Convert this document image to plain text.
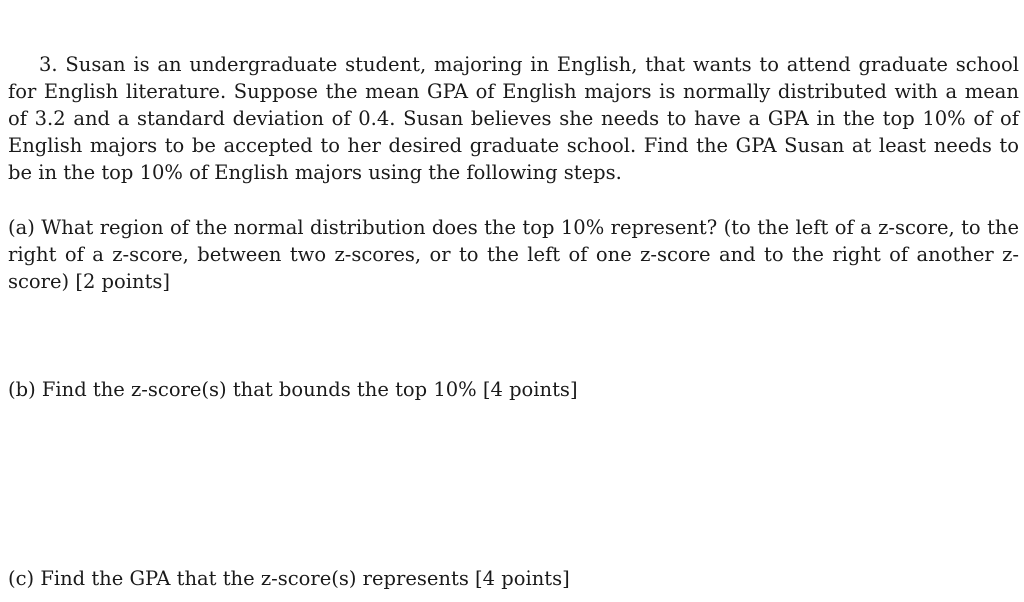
3. Susan is an undergraduate student, majoring in English, that wants to attend graduate school for English literature. Suppose the mean GPA of English majors is normally distributed with a mean of 3.2 and a standard deviation of 0.4. Susan believes she needs to have a GPA in the top 10% of of English majors to be accepted to her desired graduate school. Find the GPA Susan at least needs to be in the top 10% of English majors using the following steps.

(a) What region of the normal distribution does the top 10% represent? (to the left of a z-score, to the right of a z-score, between two z-scores, or to the left of one z-score and to the right of another z-score) [2 points]

(b) Find the z-score(s) that bounds the top 10% [4 points]

(c) Find the GPA that the z-score(s) represents [4 points]
